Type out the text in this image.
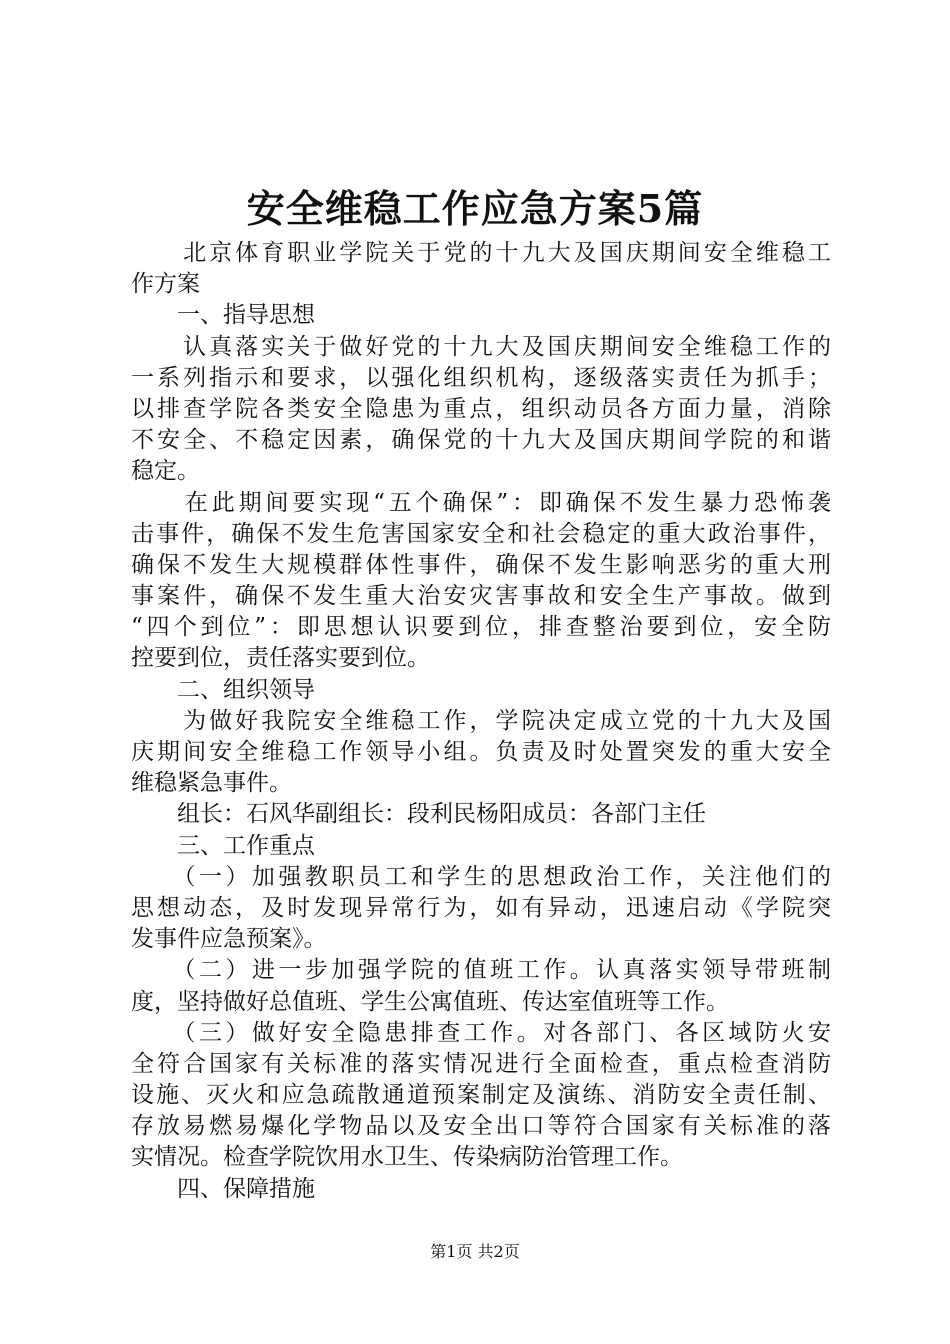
安全维稳工作应急方案5篇
　　北京体育职业学院关于党的十九大及国庆期间安全维稳工
作方案
　　一、指导思想
　　认真落实关于做好党的十九大及国庆期间安全维稳工作的
一系列指示和要求，以强化组织机构，逐级落实责任为抓手；
以排查学院各类安全隐患为重点，组织动员各方面力量，消除
不安全、不稳定因素，确保党的十九大及国庆期间学院的和谐
稳定。
　　在此期间要实现“五个确保”：即确保不发生暴力恐怖袭
击事件，确保不发生危害国家安全和社会稳定的重大政治事件，
确保不发生大规模群体性事件，确保不发生影响恶劣的重大刑
事案件，确保不发生重大治安灾害事故和安全生产事故。做到
“四个到位”：即思想认识要到位，排查整治要到位，安全防
控要到位，责任落实要到位。
　　二、组织领导
　　为做好我院安全维稳工作，学院决定成立党的十九大及国
庆期间安全维稳工作领导小组。负责及时处置突发的重大安全
维稳紧急事件。
　　组长：石风华副组长：段利民杨阳成员：各部门主任
　　三、工作重点
　　（一）加强教职员工和学生的思想政治工作，关注他们的
思想动态，及时发现异常行为，如有异动，迅速启动《学院突
发事件应急预案》。
　　（二）进一步加强学院的值班工作。认真落实领导带班制
度，坚持做好总值班、学生公寓值班、传达室值班等工作。
　　（三）做好安全隐患排查工作。对各部门、各区域防火安
全符合国家有关标准的落实情况进行全面检查，重点检查消防
设施、灭火和应急疏散通道预案制定及演练、消防安全责任制、
存放易燃易爆化学物品以及安全出口等符合国家有关标准的落
实情况。检查学院饮用水卫生、传染病防治管理工作。
　　四、保障措施
第1页 共2页
